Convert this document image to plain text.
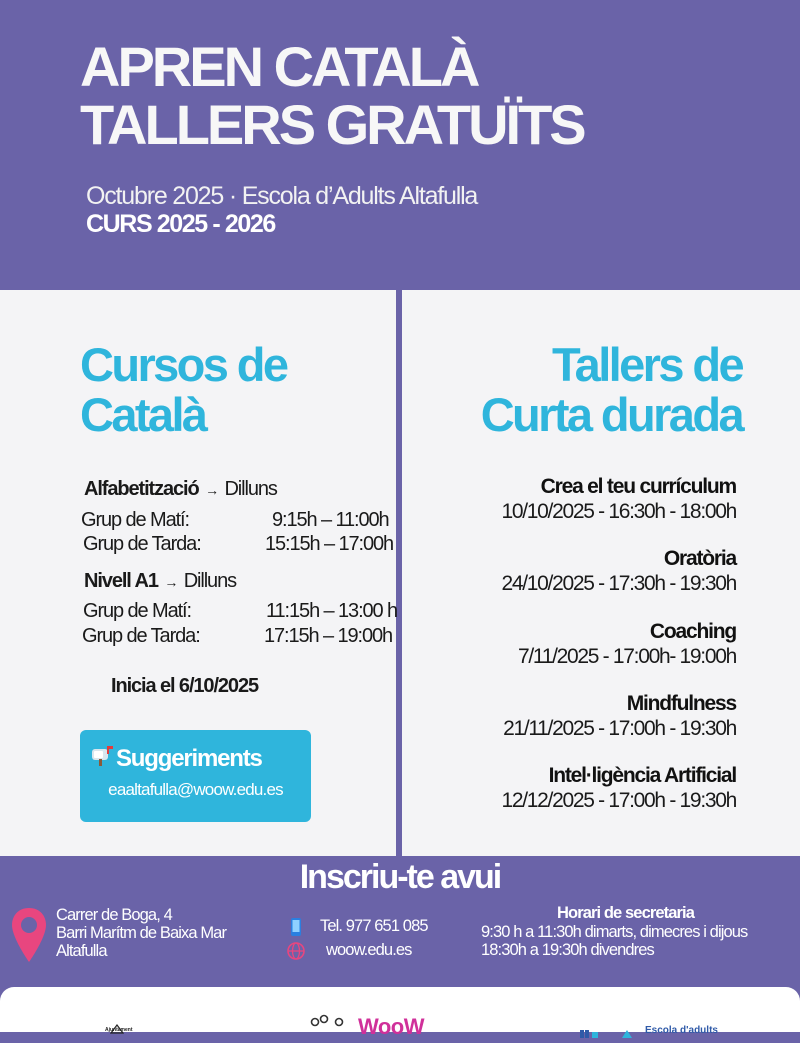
APREN CATALÀ
TALLERS GRATUÏTS
Octubre 2025 · Escola d’Adults Altafulla
CURS 2025 - 2026
Cursos de
Català
Alfabetització → Dilluns
Grup de Matí:	9:15h – 11:00h
Grup de Tarda:	15:15h – 17:00h
Nivell A1 → Dilluns
Grup de Matí:	11:15h – 13:00 h
Grup de Tarda:	17:15h – 19:00h
Inicia el 6/10/2025
Suggeriments
eaaltafulla@woow.edu.es
Tallers de
Curta durada
Crea el teu currículum
10/10/2025 - 16:30h - 18:00h
Oratòria
24/10/2025 - 17:30h - 19:30h
Coaching
7/11/2025 - 17:00h- 19:00h
Mindfulness
21/11/2025 - 17:00h - 19:30h
Intel·ligència Artificial
12/12/2025 - 17:00h - 19:30h
Inscriu-te avui
Carrer de Boga, 4
Barri Marítm de Baixa Mar
Altafulla
Tel. 977 651 085
woow.edu.es
Horari de secretaria
9:30 h a 11:30h dimarts, dimecres i dijous
18:30h a 19:30h divendres
Ajuntament	WooW	Escola d'adults
